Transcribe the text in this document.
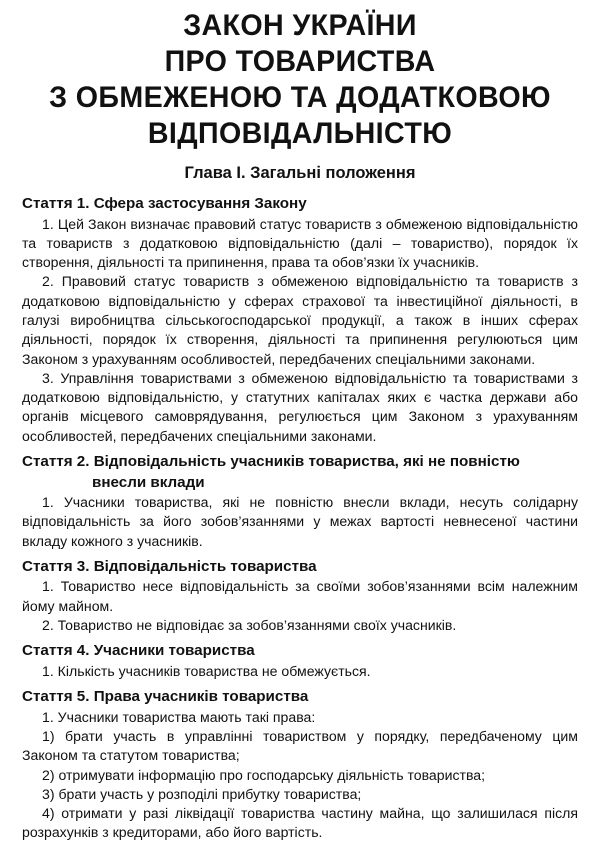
ЗАКОН УКРАЇНИ
ПРО ТОВАРИСТВА
З ОБМЕЖЕНОЮ ТА ДОДАТКОВОЮ
ВІДПОВІДАЛЬНІСТЮ
Глава I. Загальні положення
Стаття 1. Сфера застосування Закону

1. Цей Закон визначає правовий статус товариств з обмеженою відповідальністю та товариств з додатковою відповідальністю (далі – товариство), порядок їх створення, діяльності та припинення, права та обов’язки їх учасників.

2. Правовий статус товариств з обмеженою відповідальністю та товариств з додатковою відповідальністю у сферах страхової та інвестиційної діяльності, в галузі виробництва сільськогосподарської продукції, а також в інших сферах діяльності, порядок їх створення, діяльності та припинення регулюються цим Законом з урахуванням особливостей, передбачених спеціальними законами.

3. Управління товариствами з обмеженою відповідальністю та товариствами з додатковою відповідальністю, у статутних капіталах яких є частка держави або органів місцевого самоврядування, регулюється цим Законом з урахуванням особливостей, передбачених спеціальними законами.

Стаття 2. Відповідальність учасників товариства, які не повністю внесли вклади

1. Учасники товариства, які не повністю внесли вклади, несуть солідарну відповідальність за його зобов’язаннями у межах вартості невнесеної частини вкладу кожного з учасників.

Стаття 3. Відповідальність товариства

1. Товариство несе відповідальність за своїми зобов’язаннями всім належним йому майном.

2. Товариство не відповідає за зобов’язаннями своїх учасників.

Стаття 4. Учасники товариства

1. Кількість учасників товариства не обмежується.

Стаття 5. Права учасників товариства

1. Учасники товариства мають такі права:

1) брати участь в управлінні товариством у порядку, передбаченому цим Законом та статутом товариства;

2) отримувати інформацію про господарську діяльність товариства;

3) брати участь у розподілі прибутку товариства;

4) отримати у разі ліквідації товариства частину майна, що залишилася після розрахунків з кредиторами, або його вартість.
